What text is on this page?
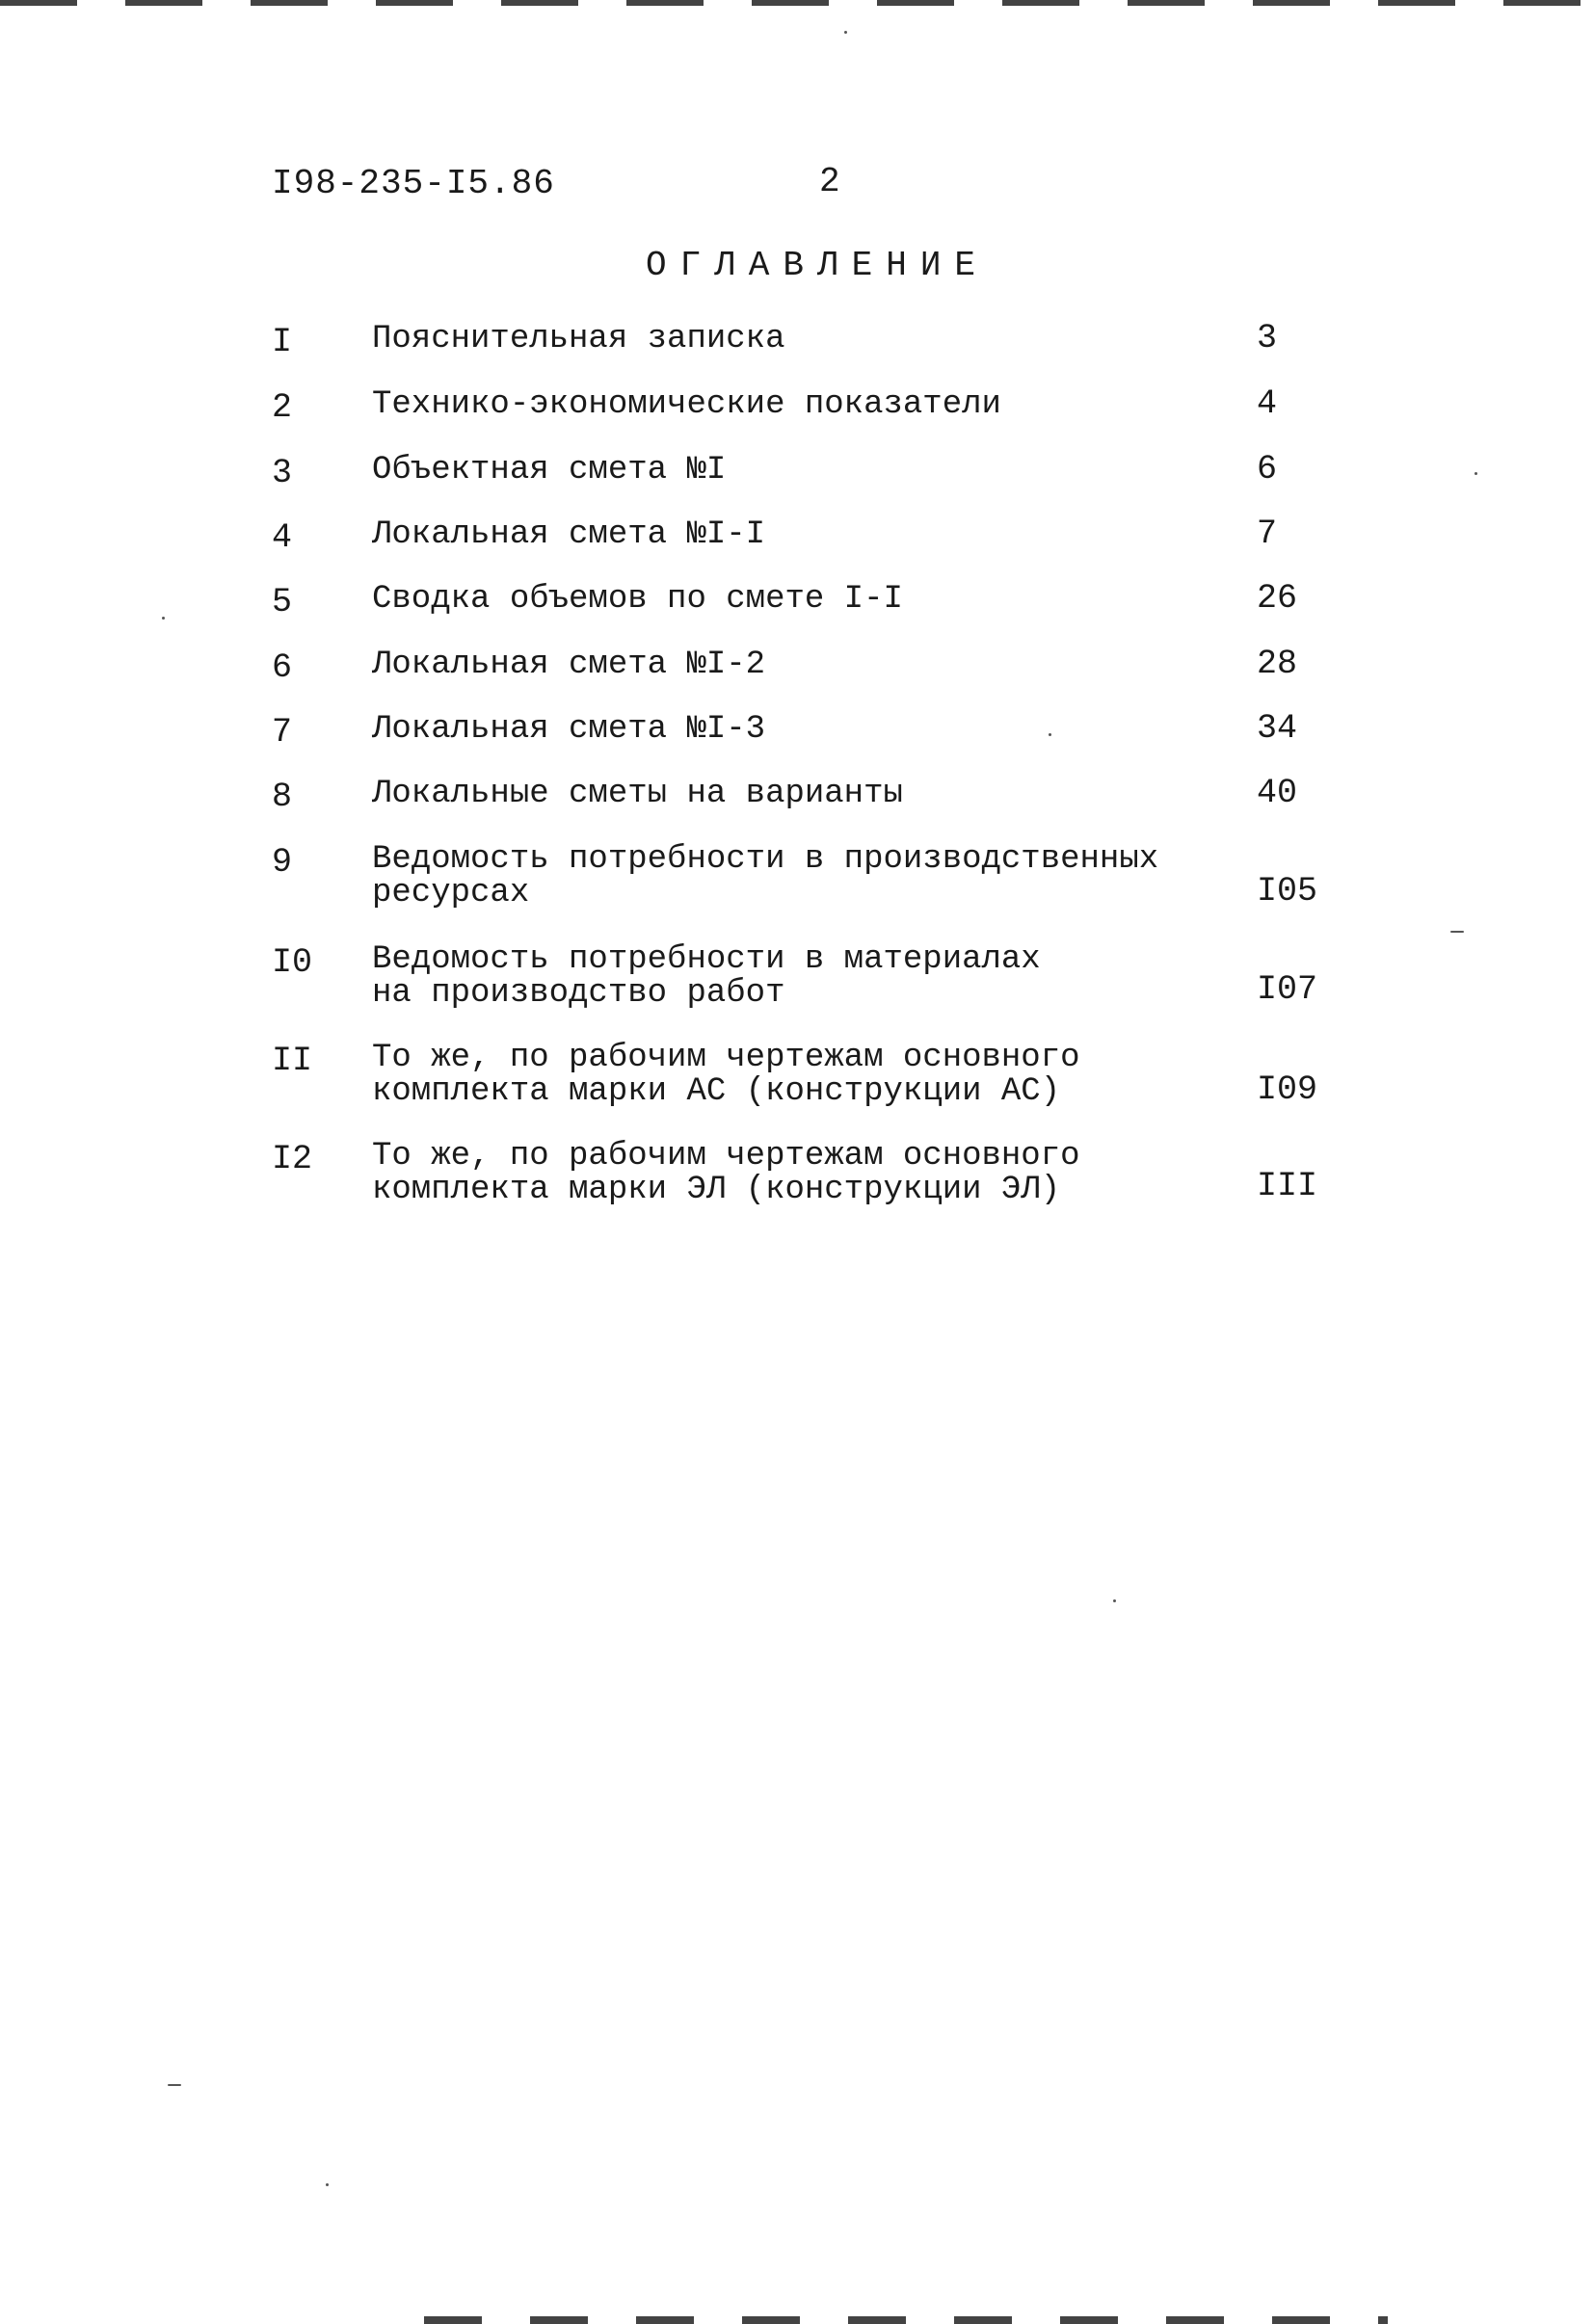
I98-235-I5.86	2
ОГЛАВЛЕНИЕ
I Пояснительная записка	3
2 Технико-экономические показатели	4
3 Объектная смета №I	6
4 Локальная смета №I-I	7
5 Сводка объемов по смете I-I	26
6 Локальная смета №I-2	28
7 Локальная смета №I-3	34
8 Локальные сметы на варианты	40
9 Ведомость потребности в производственных
ресурсах	I05
I0 Ведомость потребности в материалах
на производство работ	I07
II То же, по рабочим чертежам основного
комплекта марки АС (конструкции АС)	I09
I2 То же, по рабочим чертежам основного
комплекта марки ЭЛ (конструкции ЭЛ)	III
